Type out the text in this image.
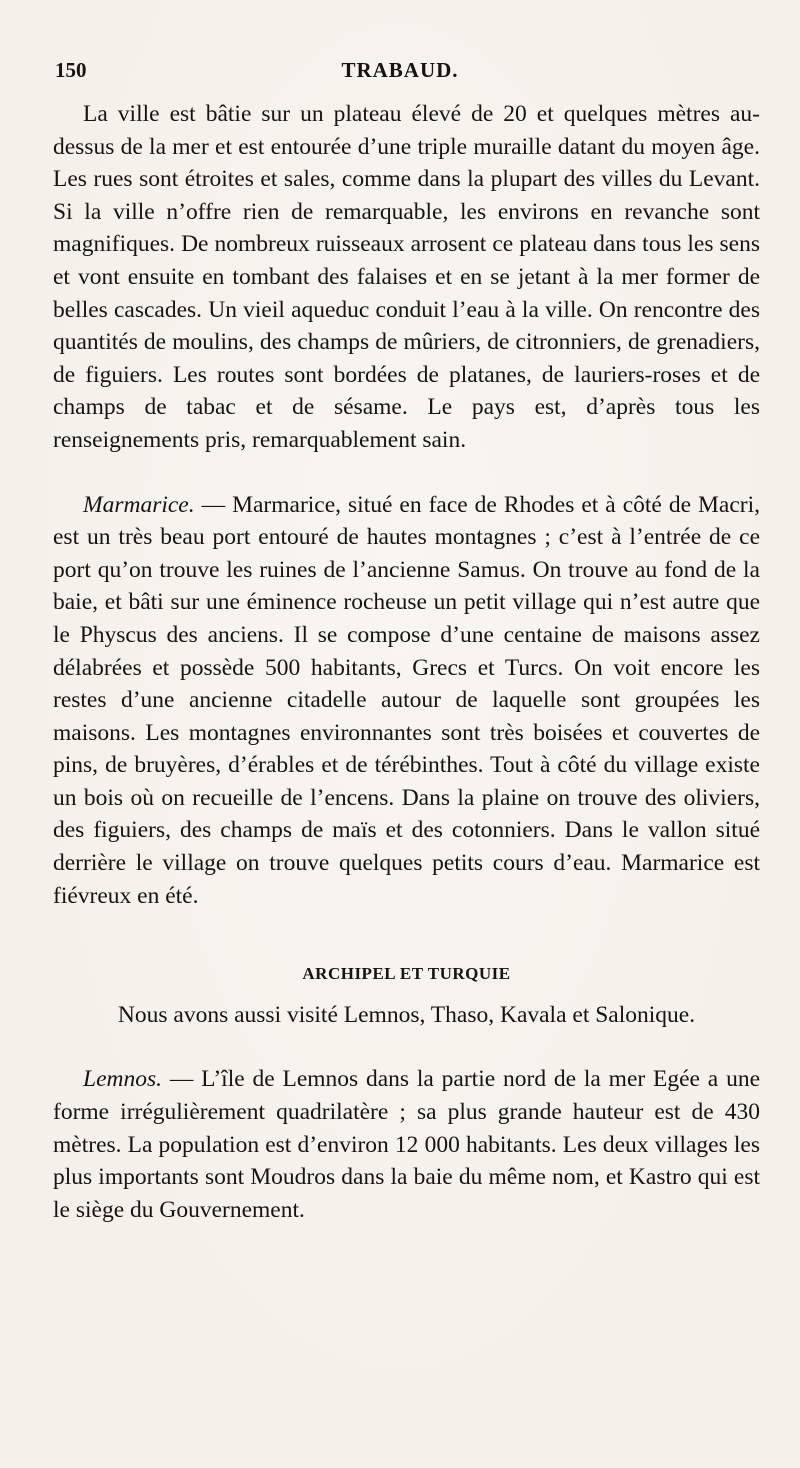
150	TRABAUD.

La ville est bâtie sur un plateau élevé de 20 et quelques mètres au-dessus de la mer et est entourée d’une triple muraille datant du moyen âge. Les rues sont étroites et sales, comme dans la plupart des villes du Levant. Si la ville n’offre rien de remarquable, les environs en revanche sont magnifiques. De nombreux ruisseaux arrosent ce plateau dans tous les sens et vont ensuite en tombant des falaises et en se jetant à la mer former de belles cascades. Un vieil aqueduc conduit l’eau à la ville. On rencontre des quantités de moulins, des champs de mûriers, de citronniers, de grenadiers, de figuiers. Les routes sont bordées de platanes, de lauriers-roses et de champs de tabac et de sésame. Le pays est, d’après tous les renseignements pris, remarquablement sain.

Marmarice. — Marmarice, situé en face de Rhodes et à côté de Macri, est un très beau port entouré de hautes montagnes ; c’est à l’entrée de ce port qu’on trouve les ruines de l’ancienne Samus. On trouve au fond de la baie, et bâti sur une éminence rocheuse un petit village qui n’est autre que le Physcus des anciens. Il se compose d’une centaine de maisons assez délabrées et possède 500 habitants, Grecs et Turcs. On voit encore les restes d’une ancienne citadelle autour de laquelle sont groupées les maisons. Les montagnes environnantes sont très boisées et couvertes de pins, de bruyères, d’érables et de térébinthes. Tout à côté du village existe un bois où on recueille de l’encens. Dans la plaine on trouve des oliviers, des figuiers, des champs de maïs et des cotonniers. Dans le vallon situé derrière le village on trouve quelques petits cours d’eau. Marmarice est fiévreux en été.

ARCHIPEL ET TURQUIE

Nous avons aussi visité Lemnos, Thaso, Kavala et Salonique.

Lemnos. — L’île de Lemnos dans la partie nord de la mer Egée a une forme irrégulièrement quadrilatère ; sa plus grande hauteur est de 430 mètres. La population est d’environ 12 000 habitants. Les deux villages les plus importants sont Moudros dans la baie du même nom, et Kastro qui est le siège du Gouvernement.
